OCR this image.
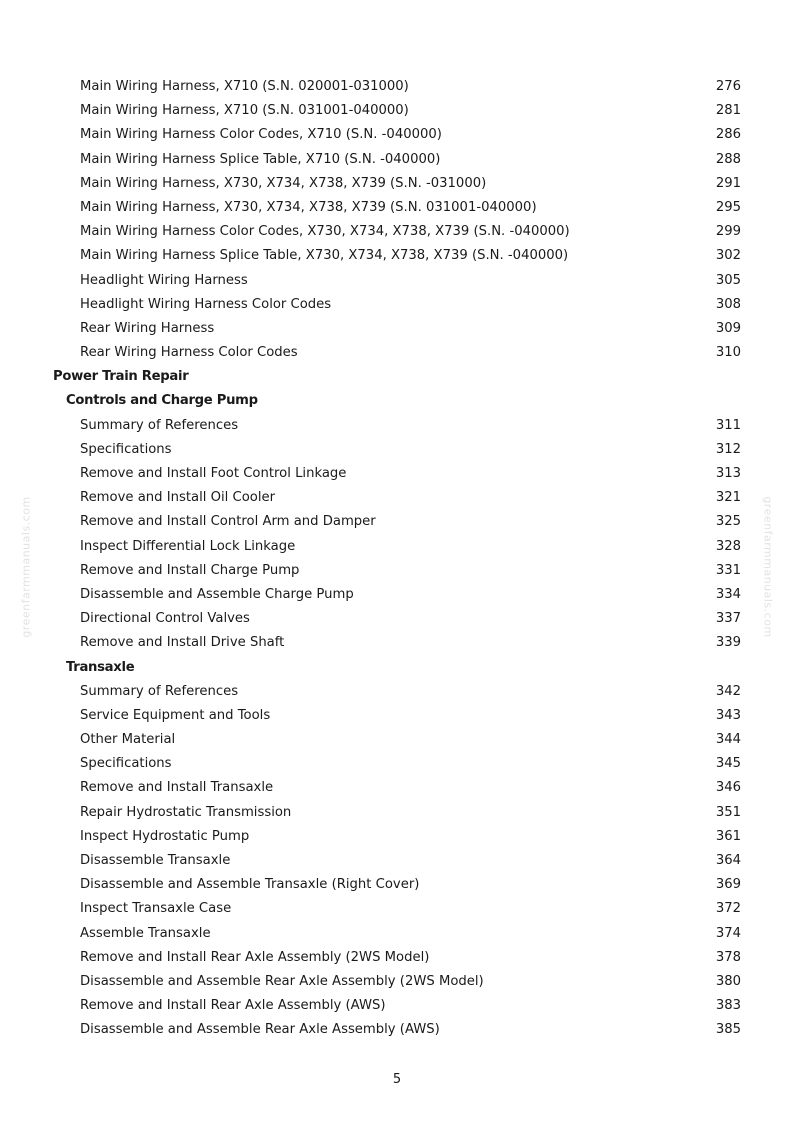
greenfarmmanuals.com	greenfarmmanuals.com
Main Wiring Harness, X710 (S.N. 020001-031000)	276
Main Wiring Harness, X710 (S.N. 031001-040000)	281
Main Wiring Harness Color Codes, X710 (S.N. -040000)	286
Main Wiring Harness Splice Table, X710 (S.N. -040000)	288
Main Wiring Harness, X730, X734, X738, X739 (S.N. -031000)	291
Main Wiring Harness, X730, X734, X738, X739 (S.N. 031001-040000)	295
Main Wiring Harness Color Codes, X730, X734, X738, X739 (S.N. -040000)	299
Main Wiring Harness Splice Table, X730, X734, X738, X739 (S.N. -040000)	302
Headlight Wiring Harness	305
Headlight Wiring Harness Color Codes	308
Rear Wiring Harness	309
Rear Wiring Harness Color Codes	310
Power Train Repair
Controls and Charge Pump
Summary of References	311
Specifications	312
Remove and Install Foot Control Linkage	313
Remove and Install Oil Cooler	321
Remove and Install Control Arm and Damper	325
Inspect Differential Lock Linkage	328
Remove and Install Charge Pump	331
Disassemble and Assemble Charge Pump	334
Directional Control Valves	337
Remove and Install Drive Shaft	339
Transaxle
Summary of References	342
Service Equipment and Tools	343
Other Material	344
Specifications	345
Remove and Install Transaxle	346
Repair Hydrostatic Transmission	351
Inspect Hydrostatic Pump	361
Disassemble Transaxle	364
Disassemble and Assemble Transaxle (Right Cover)	369
Inspect Transaxle Case	372
Assemble Transaxle	374
Remove and Install Rear Axle Assembly (2WS Model)	378
Disassemble and Assemble Rear Axle Assembly (2WS Model)	380
Remove and Install Rear Axle Assembly (AWS)	383
Disassemble and Assemble Rear Axle Assembly (AWS)	385
5
